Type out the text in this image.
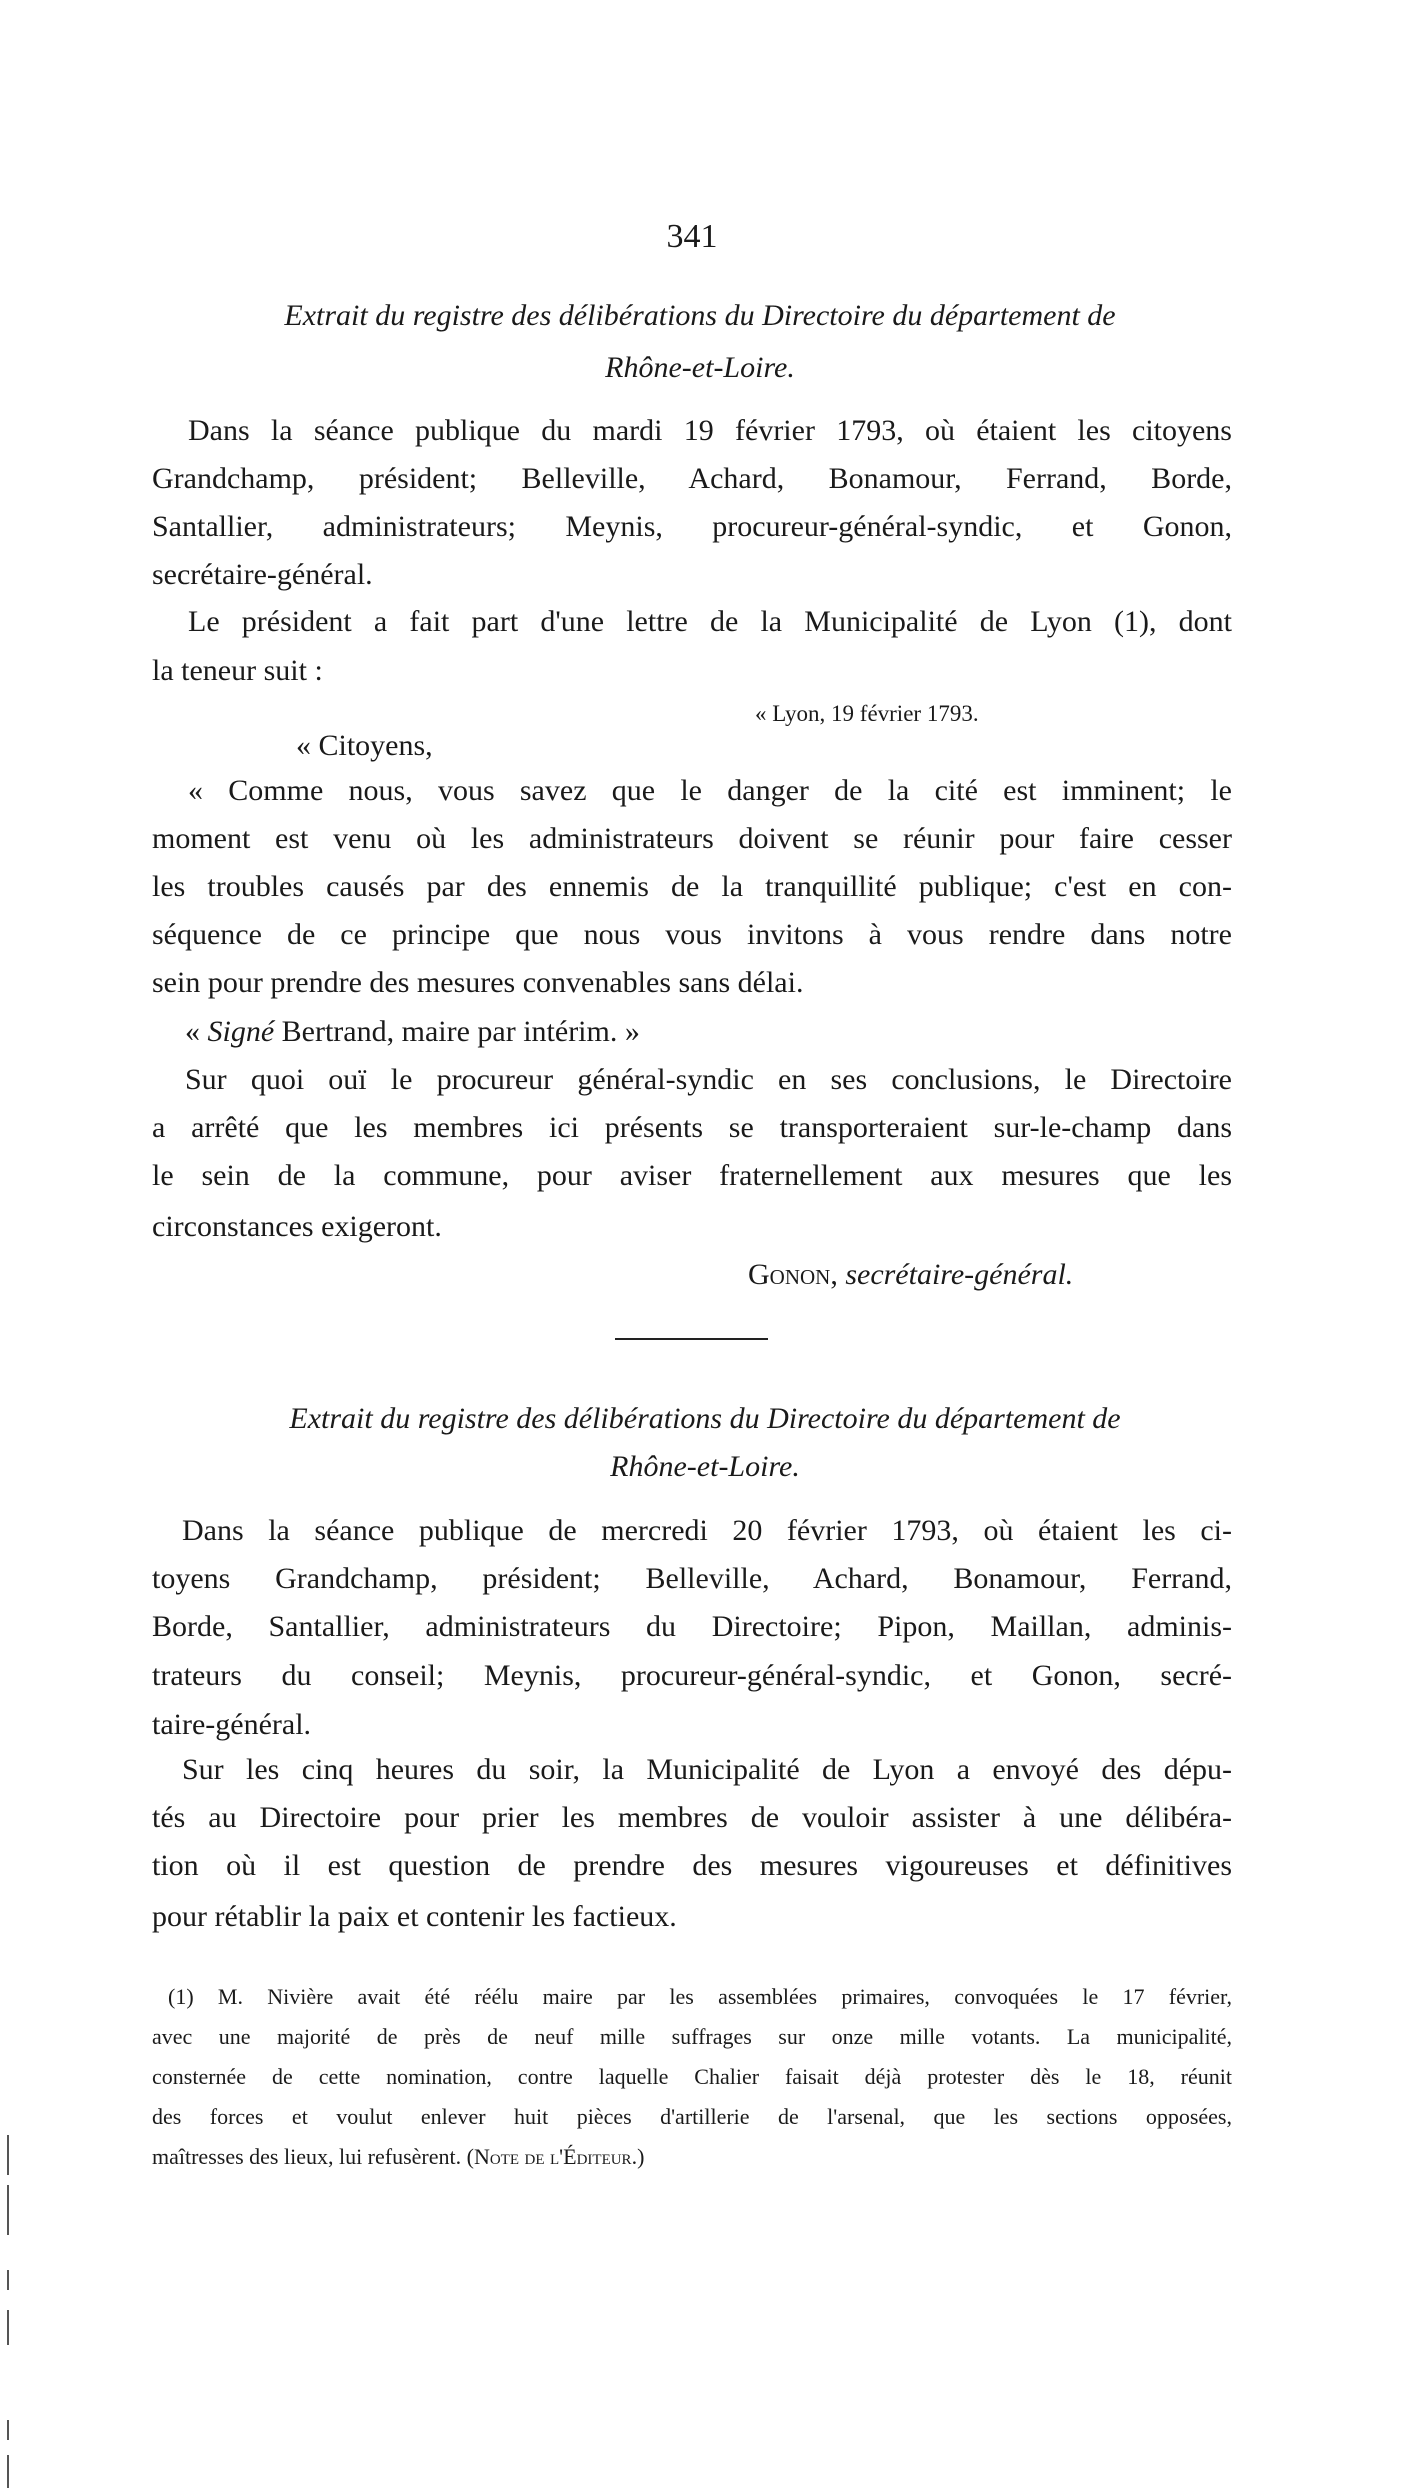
341
Extrait du registre des délibérations du Directoire du département de
Rhône-et-Loire.
Dans la séance publique du mardi 19 février 1793, où étaient les citoyens
Grandchamp, président; Belleville, Achard, Bonamour, Ferrand, Borde,
Santallier, administrateurs; Meynis, procureur-général-syndic, et Gonon,
secrétaire-général.
Le président a fait part d'une lettre de la Municipalité de Lyon (1), dont
la teneur suit :
« Lyon, 19 février 1793.
« Citoyens,
« Comme nous, vous savez que le danger de la cité est imminent; le
moment est venu où les administrateurs doivent se réunir pour faire cesser
les troubles causés par des ennemis de la tranquillité publique; c'est en con-
séquence de ce principe que nous vous invitons à vous rendre dans notre
sein pour prendre des mesures convenables sans délai.
« Signé Bertrand, maire par intérim. »
Sur quoi ouï le procureur général-syndic en ses conclusions, le Directoire
a arrêté que les membres ici présents se transporteraient sur-le-champ dans
le sein de la commune, pour aviser fraternellement aux mesures que les
circonstances exigeront.
Gonon, secrétaire-général.
Extrait du registre des délibérations du Directoire du département de
Rhône-et-Loire.
Dans la séance publique de mercredi 20 février 1793, où étaient les ci-
toyens Grandchamp, président; Belleville, Achard, Bonamour, Ferrand,
Borde, Santallier, administrateurs du Directoire; Pipon, Maillan, adminis-
trateurs du conseil; Meynis, procureur-général-syndic, et Gonon, secré-
taire-général.
Sur les cinq heures du soir, la Municipalité de Lyon a envoyé des dépu-
tés au Directoire pour prier les membres de vouloir assister à une délibéra-
tion où il est question de prendre des mesures vigoureuses et définitives
pour rétablir la paix et contenir les factieux.
(1) M. Nivière avait été réélu maire par les assemblées primaires, convoquées le 17 février,
avec une majorité de près de neuf mille suffrages sur onze mille votants. La municipalité,
consternée de cette nomination, contre laquelle Chalier faisait déjà protester dès le 18, réunit
des forces et voulut enlever huit pièces d'artillerie de l'arsenal, que les sections opposées,
maîtresses des lieux, lui refusèrent. (Note de l'Éditeur.)
